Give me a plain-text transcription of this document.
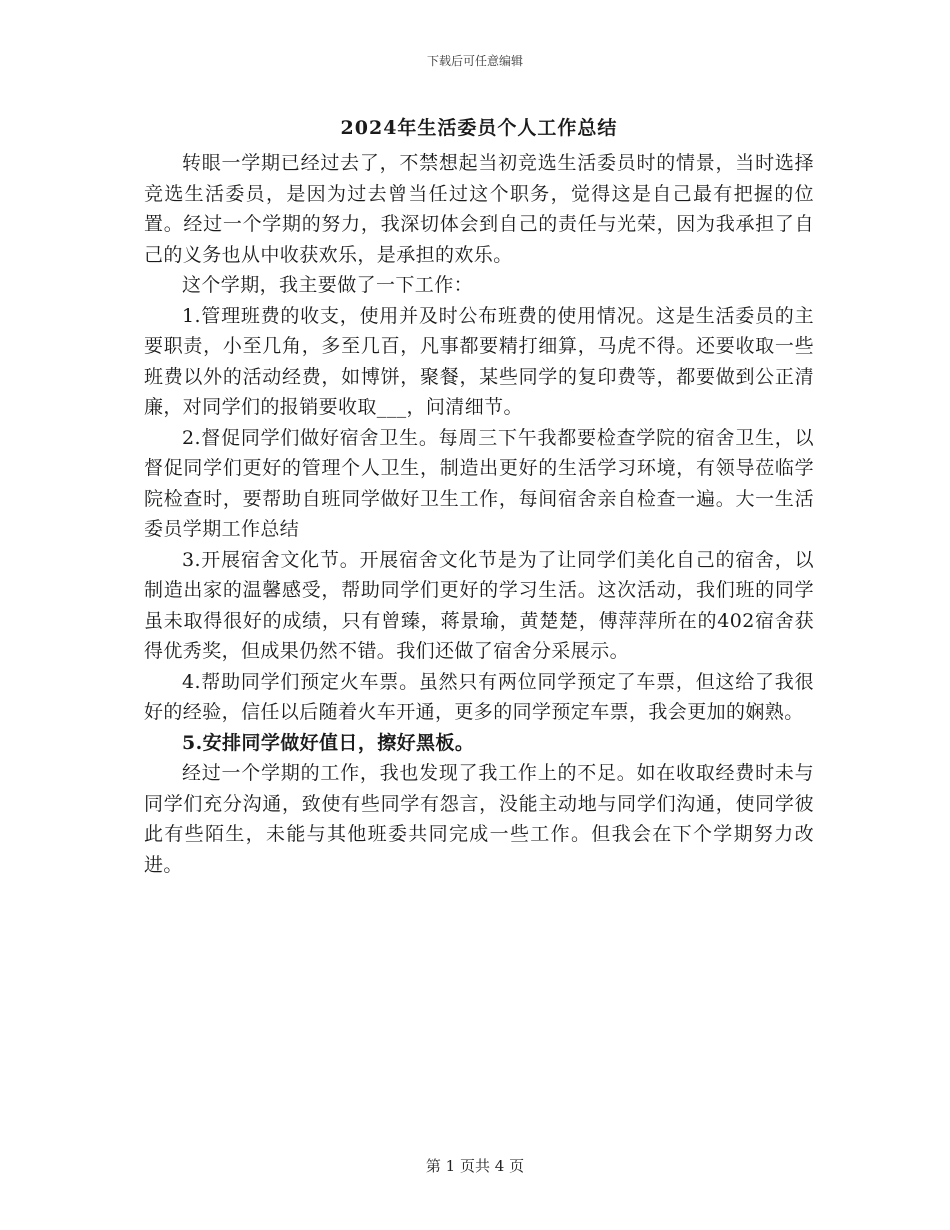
下载后可任意编辑
2024年生活委员个人工作总结

转眼一学期已经过去了，不禁想起当初竞选生活委员时的情景，当时选择竞选生活委员，是因为过去曾当任过这个职务，觉得这是自己最有把握的位置。经过一个学期的努力，我深切体会到自己的责任与光荣，因为我承担了自己的义务也从中收获欢乐，是承担的欢乐。

这个学期，我主要做了一下工作：

1.管理班费的收支，使用并及时公布班费的使用情况。这是生活委员的主要职责，小至几角，多至几百，凡事都要精打细算，马虎不得。还要收取一些班费以外的活动经费，如博饼，聚餐，某些同学的复印费等，都要做到公正清廉，对同学们的报销要收取___，问清细节。

2.督促同学们做好宿舍卫生。每周三下午我都要检查学院的宿舍卫生，以督促同学们更好的管理个人卫生，制造出更好的生活学习环境，有领导莅临学院检查时，要帮助自班同学做好卫生工作，每间宿舍亲自检查一遍。大一生活委员学期工作总结

3.开展宿舍文化节。开展宿舍文化节是为了让同学们美化自己的宿舍，以制造出家的温馨感受，帮助同学们更好的学习生活。这次活动，我们班的同学虽未取得很好的成绩，只有曾臻，蒋景瑜，黄楚楚，傅萍萍所在的402宿舍获得优秀奖，但成果仍然不错。我们还做了宿舍分采展示。

4.帮助同学们预定火车票。虽然只有两位同学预定了车票，但这给了我很好的经验，信任以后随着火车开通，更多的同学预定车票，我会更加的娴熟。

5.安排同学做好值日，擦好黑板。

经过一个学期的工作，我也发现了我工作上的不足。如在收取经费时未与同学们充分沟通，致使有些同学有怨言，没能主动地与同学们沟通，使同学彼此有些陌生，未能与其他班委共同完成一些工作。但我会在下个学期努力改进。

第 1 页共 4 页
